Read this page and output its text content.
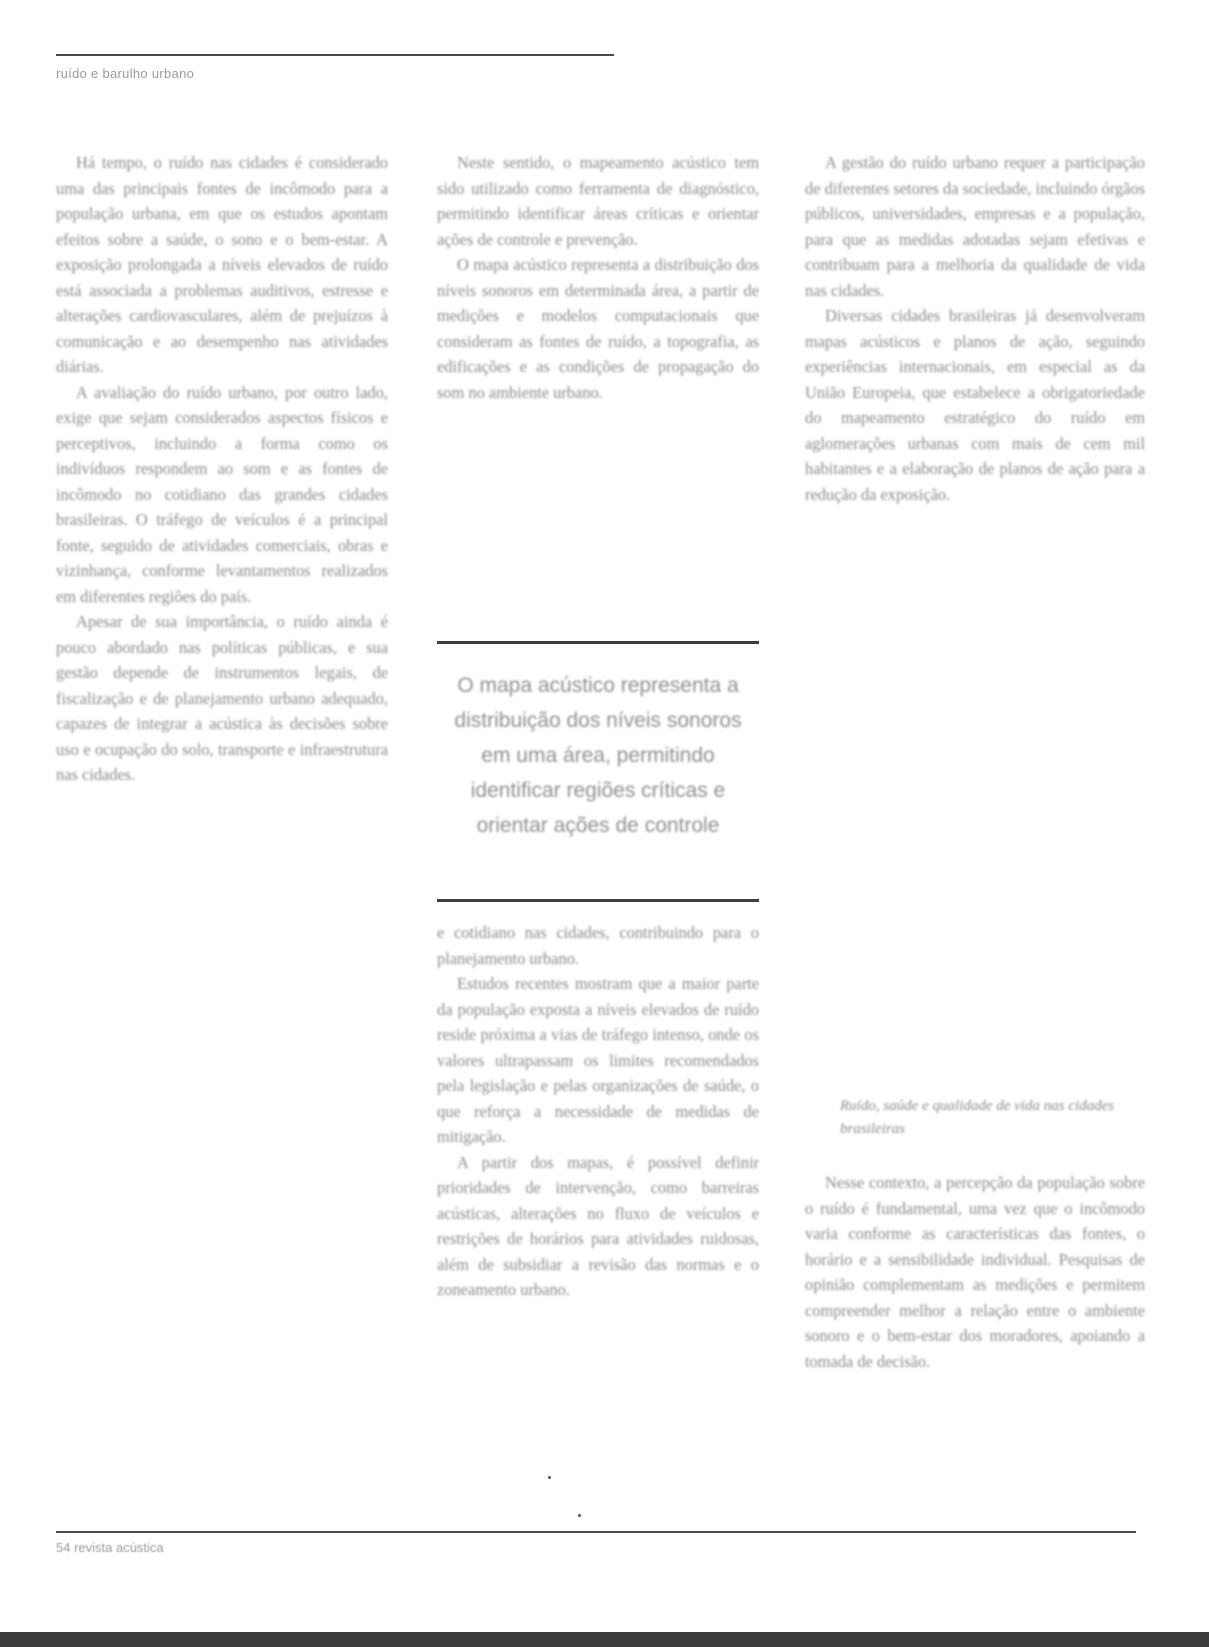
ruído e barulho urbano

Há tempo, o ruído nas cidades é considerado uma das principais fontes de incômodo para a população urbana, em que os estudos apontam efeitos sobre a saúde, o sono e o bem-estar. A exposição prolongada a níveis elevados de ruído está associada a problemas auditivos, estresse e alterações cardiovasculares, além de prejuízos à comunicação e ao desempenho nas atividades diárias.

A avaliação do ruído urbano, por outro lado, exige que sejam considerados aspectos físicos e perceptivos, incluindo a forma como os indivíduos respondem ao som e as fontes de incômodo no cotidiano das grandes cidades brasileiras. O tráfego de veículos é a principal fonte, seguido de atividades comerciais, obras e vizinhança, conforme levantamentos realizados em diferentes regiões do país.

Apesar de sua importância, o ruído ainda é pouco abordado nas políticas públicas, e sua gestão depende de instrumentos legais, de fiscalização e de planejamento urbano adequado, capazes de integrar a acústica às decisões sobre uso e ocupação do solo, transporte e infraestrutura nas cidades.

Neste sentido, o mapeamento acústico tem sido utilizado como ferramenta de diagnóstico, permitindo identificar áreas críticas e orientar ações de controle e prevenção.

O mapa acústico representa a distribuição dos níveis sonoros em determinada área, a partir de medições e modelos computacionais que consideram as fontes de ruído, a topografia, as edificações e as condições de propagação do som no ambiente urbano.

O mapa acústico representa a distribuição dos níveis sonoros em uma área, permitindo identificar regiões críticas e orientar ações de controle

e cotidiano nas cidades, contribuindo para o planejamento urbano.

Estudos recentes mostram que a maior parte da população exposta a níveis elevados de ruído reside próxima a vias de tráfego intenso, onde os valores ultrapassam os limites recomendados pela legislação e pelas organizações de saúde, o que reforça a necessidade de medidas de mitigação.

A partir dos mapas, é possível definir prioridades de intervenção, como barreiras acústicas, alterações no fluxo de veículos e restrições de horários para atividades ruidosas, além de subsidiar a revisão das normas e o zoneamento urbano.

A gestão do ruído urbano requer a participação de diferentes setores da sociedade, incluindo órgãos públicos, universidades, empresas e a população, para que as medidas adotadas sejam efetivas e contribuam para a melhoria da qualidade de vida nas cidades.

Diversas cidades brasileiras já desenvolveram mapas acústicos e planos de ação, seguindo experiências internacionais, em especial as da União Europeia, que estabelece a obrigatoriedade do mapeamento estratégico do ruído em aglomerações urbanas com mais de cem mil habitantes e a elaboração de planos de ação para a redução da exposição.

Ruído, saúde e qualidade de vida nas cidades brasileiras

Nesse contexto, a percepção da população sobre o ruído é fundamental, uma vez que o incômodo varia conforme as características das fontes, o horário e a sensibilidade individual. Pesquisas de opinião complementam as medições e permitem compreender melhor a relação entre o ambiente sonoro e o bem-estar dos moradores, apoiando a tomada de decisão.

54 revista acústica
